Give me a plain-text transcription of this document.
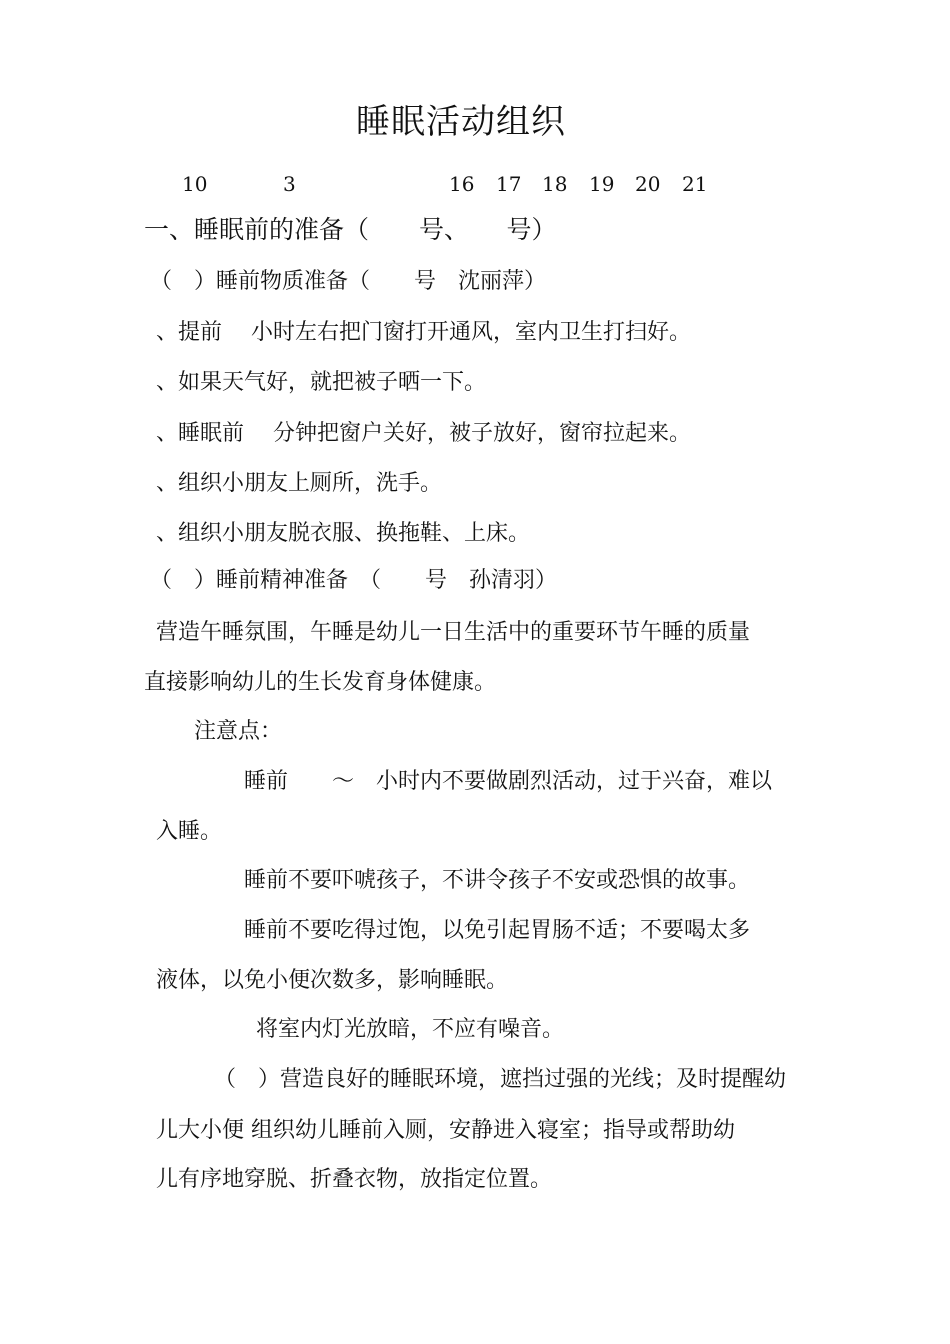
睡眠活动组织

10

	3

	16

17

18

19

20

21

一、睡眠前的准备（　　号、　　号）
（　）睡前物质准备（　　号　沈丽萍）
、提前　 小时左右把门窗打开通风，室内卫生打扫好。
、如果天气好，就把被子晒一下。
、睡眠前　 分钟把窗户关好，被子放好，窗帘拉起来。
、组织小朋友上厕所，洗手。
、组织小朋友脱衣服、换拖鞋、上床。
（　）睡前精神准备　（　　号　孙清羽）
营造午睡氛围，午睡是幼儿一日生活中的重要环节午睡的质量
直接影响幼儿的生长发育身体健康。
注意点：
睡前　　～　小时内不要做剧烈活动，过于兴奋，难以
入睡。
睡前不要吓唬孩子，不讲令孩子不安或恐惧的故事。
睡前不要吃得过饱，以免引起胃肠不适；不要喝太多
液体，以免小便次数多，影响睡眠。
将室内灯光放暗，不应有噪音。
（　）营造良好的睡眠环境，遮挡过强的光线；及时提醒幼
儿大小便 组织幼儿睡前入厕，安静进入寝室；指导或帮助幼
儿有序地穿脱、折叠衣物，放指定位置。
